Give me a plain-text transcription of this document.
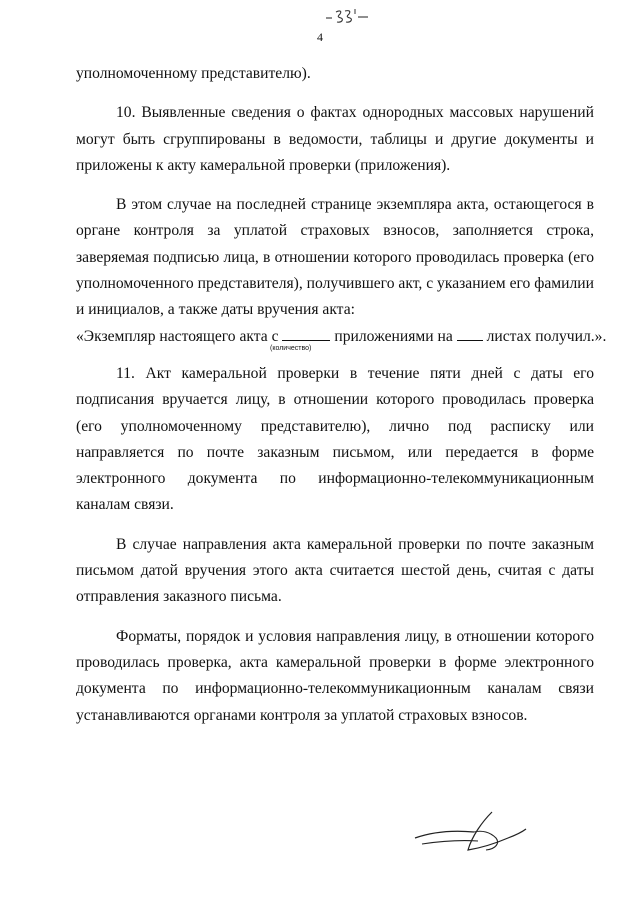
4

уполномоченному представителю).

10. Выявленные сведения о фактах однородных массовых нарушений могут быть сгруппированы в ведомости, таблицы и другие документы и приложены к акту камеральной проверки (приложения).

В этом случае на последней странице экземпляра акта, остающегося в органе контроля за уплатой страховых взносов, заполняется строка, заверяемая подписью лица, в отношении которого проводилась проверка (его уполномоченного представителя), получившего акт, с указанием его фамилии и инициалов, а также даты вручения акта:

«Экземпляр настоящего акта с	приложениями на листах получил.».
(количество)

11. Акт камеральной проверки в течение пяти дней с даты его подписания вручается лицу, в отношении которого проводилась проверка (его уполномоченному представителю), лично под расписку или направляется по почте заказным письмом, или передается в форме электронного документа по информационно-телекоммуникационным каналам связи.

В случае направления акта камеральной проверки по почте заказным письмом датой вручения этого акта считается шестой день, считая с даты отправления заказного письма.

Форматы, порядок и условия направления лицу, в отношении которого проводилась проверка, акта камеральной проверки в форме электронного документа по информационно-телекоммуникационным каналам связи устанавливаются органами контроля за уплатой страховых взносов.
